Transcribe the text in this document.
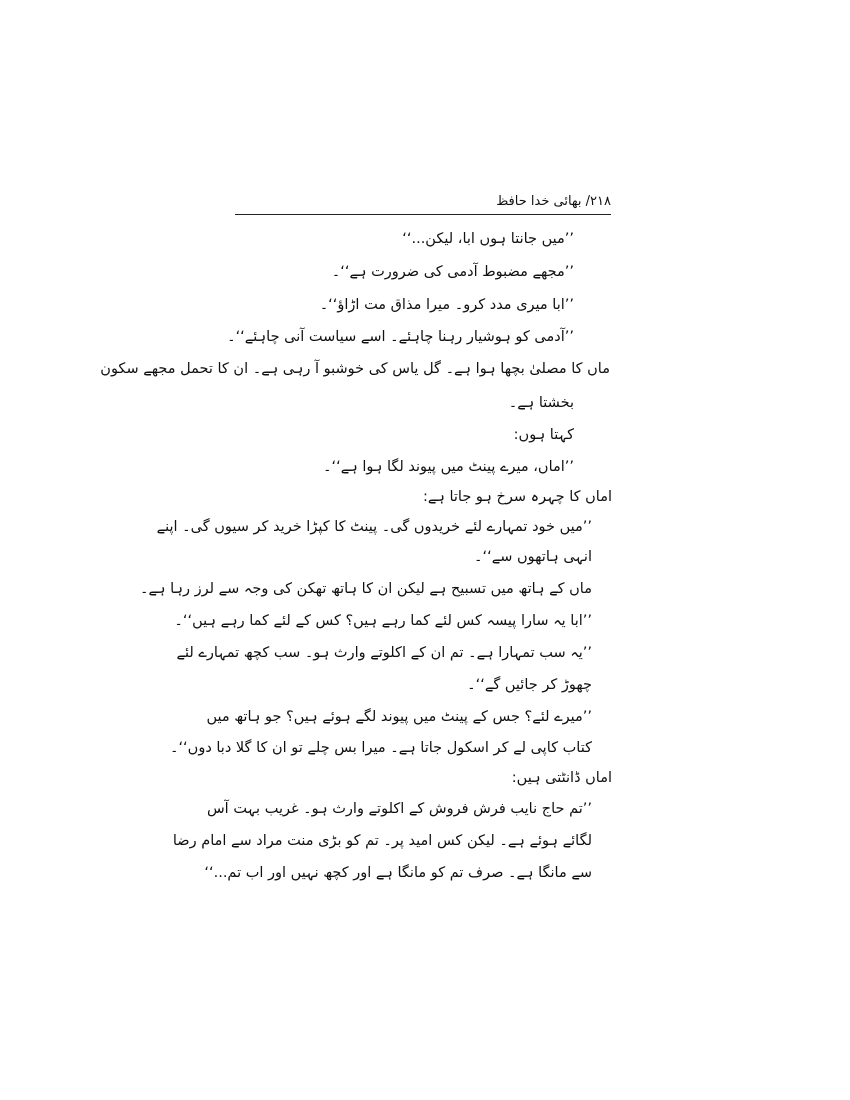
۲۱۸/ بھائی خدا حافظ
’’میں جانتا ہوں ابا، لیکن...‘‘
’’مجھے مضبوط آدمی کی ضرورت ہے‘‘۔
’’ابا میری مدد کرو۔ میرا مذاق مت اڑاؤ‘‘۔
’’آدمی کو ہوشیار رہنا چاہئے۔ اسے سیاست آنی چاہئے‘‘۔
ماں کا مصلیٰ بچھا ہوا ہے۔ گل یاس کی خوشبو آ رہی ہے۔ ان کا تحمل مجھے سکون
بخشتا ہے۔
کہتا ہوں:
’’اماں، میرے پینٹ میں پیوند لگا ہوا ہے‘‘۔
اماں کا چہرہ سرخ ہو جاتا ہے:
’’میں خود تمہارے لئے خریدوں گی۔ پینٹ کا کپڑا خرید کر سیوں گی۔ اپنے
انہی ہاتھوں سے‘‘۔
ماں کے ہاتھ میں تسبیح ہے لیکن ان کا ہاتھ تھکن کی وجہ سے لرز رہا ہے۔
’’ابا یہ سارا پیسہ کس لئے کما رہے ہیں؟ کس کے لئے کما رہے ہیں‘‘۔
’’یہ سب تمہارا ہے۔ تم ان کے اکلوتے وارث ہو۔ سب کچھ تمہارے لئے
چھوڑ کر جائیں گے‘‘۔
’’میرے لئے؟ جس کے پینٹ میں پیوند لگے ہوئے ہیں؟ جو ہاتھ میں
کتاب کاپی لے کر اسکول جاتا ہے۔ میرا بس چلے تو ان کا گلا دبا دوں‘‘۔
اماں ڈانٹتی ہیں:
’’تم حاج نایب فرش فروش کے اکلوتے وارث ہو۔ غریب بہت آس
لگائے ہوئے ہے۔ لیکن کس امید پر۔ تم کو بڑی منت مراد سے امام رضا
سے مانگا ہے۔ صرف تم کو مانگا ہے اور کچھ نہیں اور اب تم...‘‘
